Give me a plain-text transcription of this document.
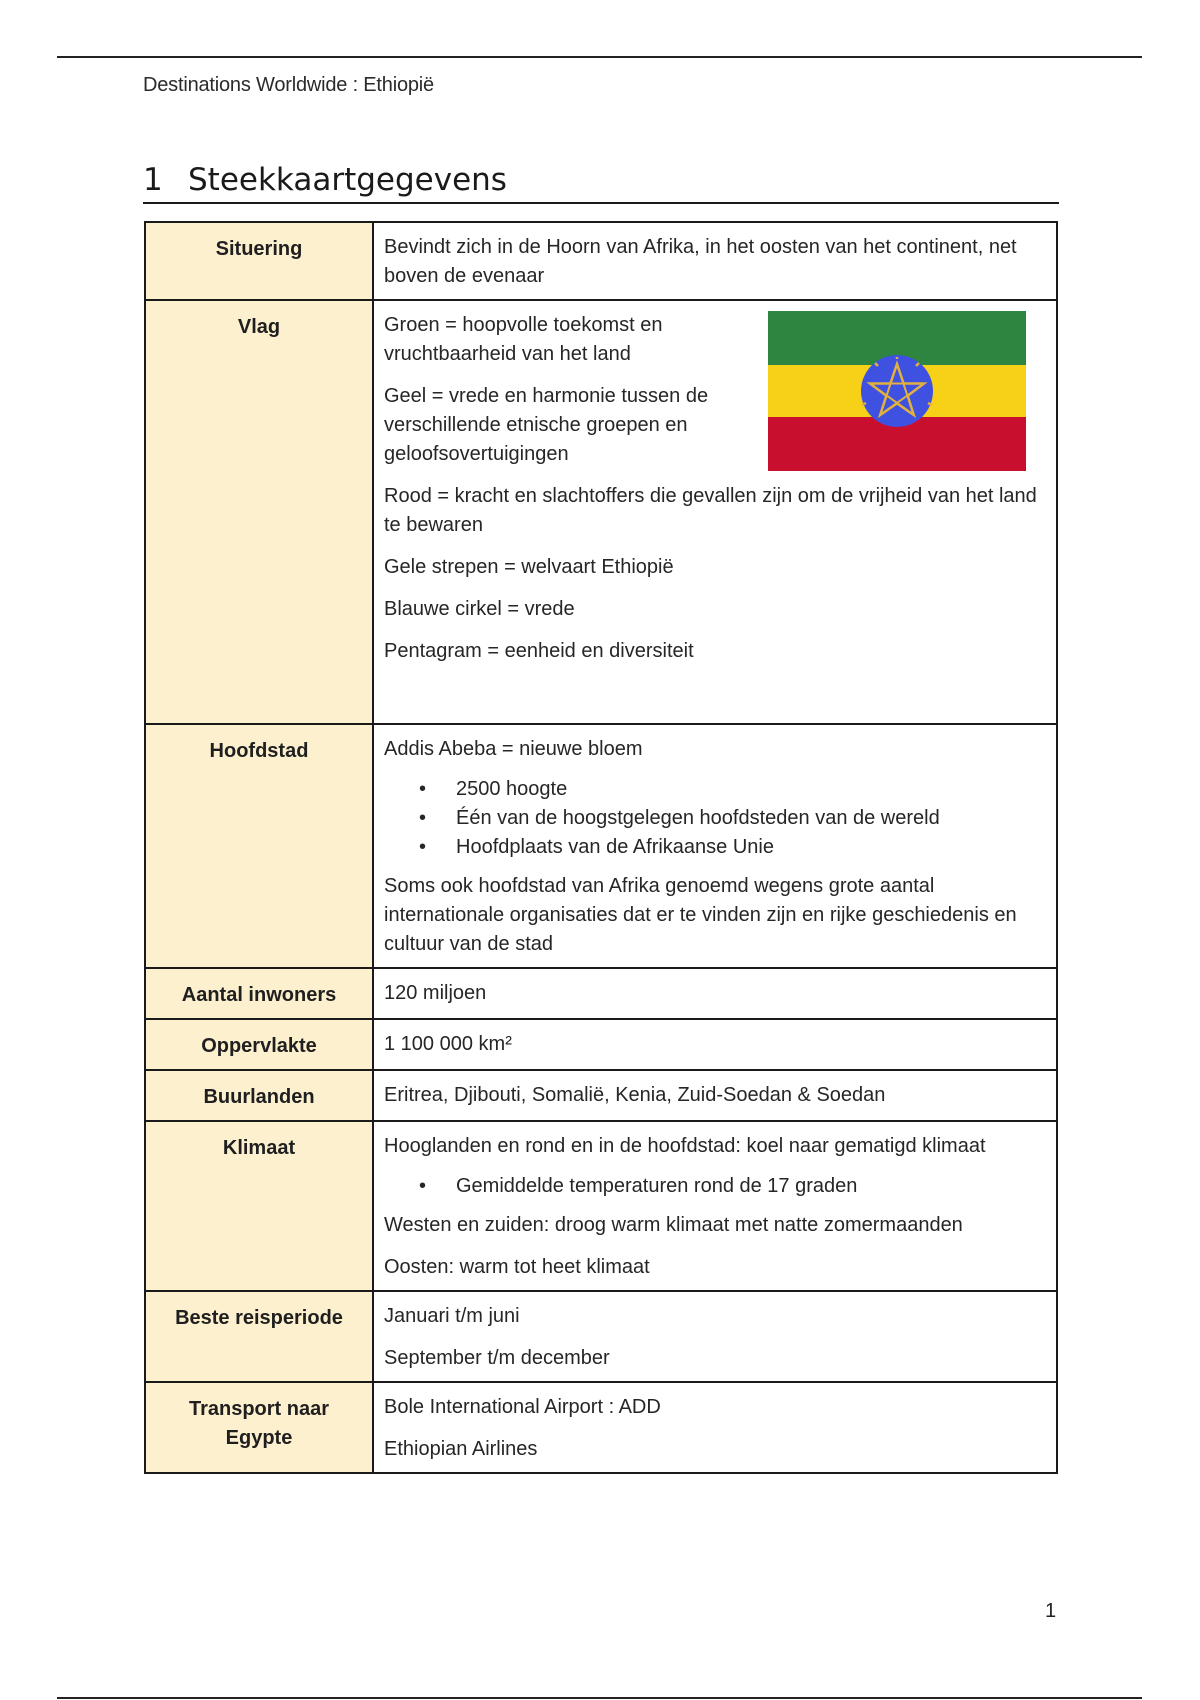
Destinations Worldwide : Ethiopië
1 Steekkaartgegevens
Situering	Bevindt zich in de Hoorn van Afrika, in het oosten van het continent, net boven de evenaar

Vlag	Groen = hoopvolle toekomst en vruchtbaarheid van het land

Geel = vrede en harmonie tussen de verschillende etnische groepen en geloofsovertuigingen

Rood = kracht en slachtoffers die gevallen zijn om de vrijheid van het land te bewaren

Gele strepen = welvaart Ethiopië

Blauwe cirkel = vrede

Pentagram = eenheid en diversiteit

Hoofdstad	Addis Abeba = nieuwe bloem

• 2500 hoogte
• Één van de hoogstgelegen hoofdsteden van de wereld
• Hoofdplaats van de Afrikaanse Unie

Soms ook hoofdstad van Afrika genoemd wegens grote aantal internationale organisaties dat er te vinden zijn en rijke geschiedenis en cultuur van de stad

Aantal inwoners	120 miljoen

Oppervlakte	1 100 000 km²

Buurlanden	Eritrea, Djibouti, Somalië, Kenia, Zuid-Soedan & Soedan

Klimaat	Hooglanden en rond en in de hoofdstad: koel naar gematigd klimaat

• Gemiddelde temperaturen rond de 17 graden

Westen en zuiden: droog warm klimaat met natte zomermaanden

Oosten: warm tot heet klimaat

Beste reisperiode	Januari t/m juni

September t/m december

Transport naar Egypte	Bole International Airport : ADD

Ethiopian Airlines

1
